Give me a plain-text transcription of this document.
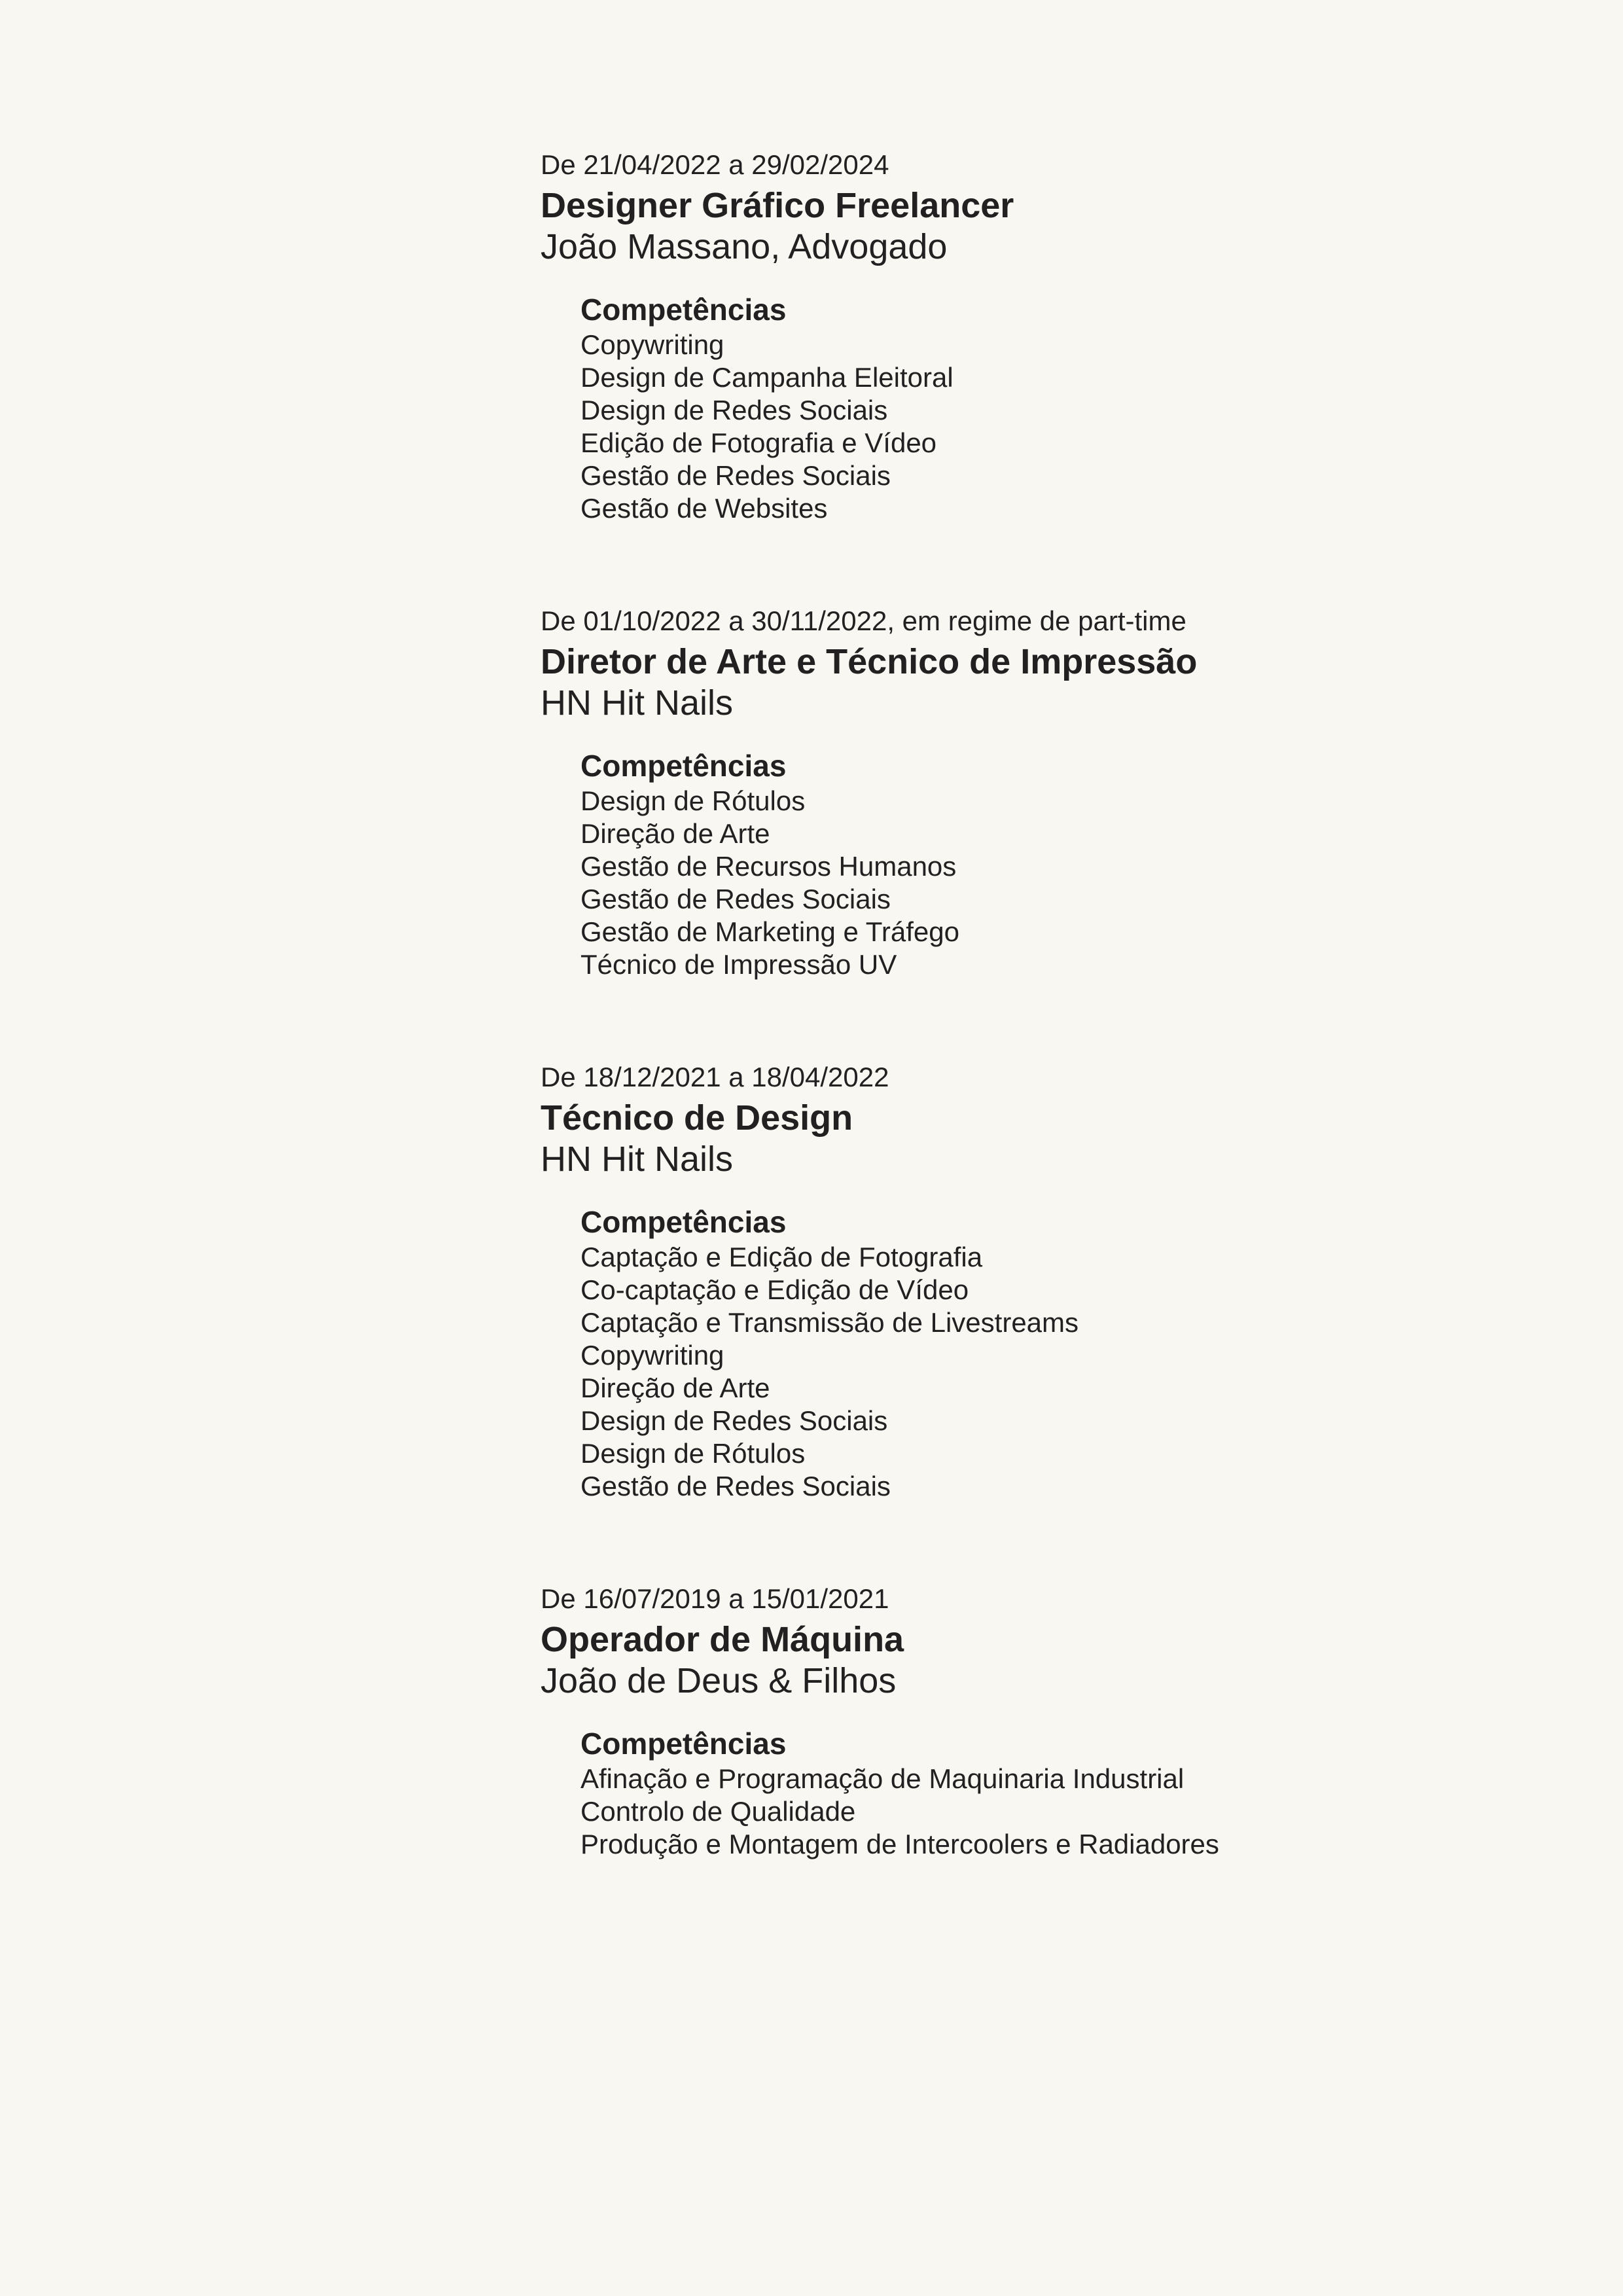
De 21/04/2022 a 29/02/2024
Designer Gráfico Freelancer
João Massano, Advogado
Competências
Copywriting
Design de Campanha Eleitoral
Design de Redes Sociais
Edição de Fotografia e Vídeo
Gestão de Redes Sociais
Gestão de Websites
De 01/10/2022 a 30/11/2022, em regime de part-time
Diretor de Arte e Técnico de Impressão
HN Hit Nails
Competências
Design de Rótulos
Direção de Arte
Gestão de Recursos Humanos
Gestão de Redes Sociais
Gestão de Marketing e Tráfego
Técnico de Impressão UV
De 18/12/2021 a 18/04/2022
Técnico de Design
HN Hit Nails
Competências
Captação e Edição de Fotografia
Co-captação e Edição de Vídeo
Captação e Transmissão de Livestreams
Copywriting
Direção de Arte
Design de Redes Sociais
Design de Rótulos
Gestão de Redes Sociais
De 16/07/2019 a 15/01/2021
Operador de Máquina
João de Deus & Filhos
Competências
Afinação e Programação de Maquinaria Industrial
Controlo de Qualidade
Produção e Montagem de Intercoolers e Radiadores
